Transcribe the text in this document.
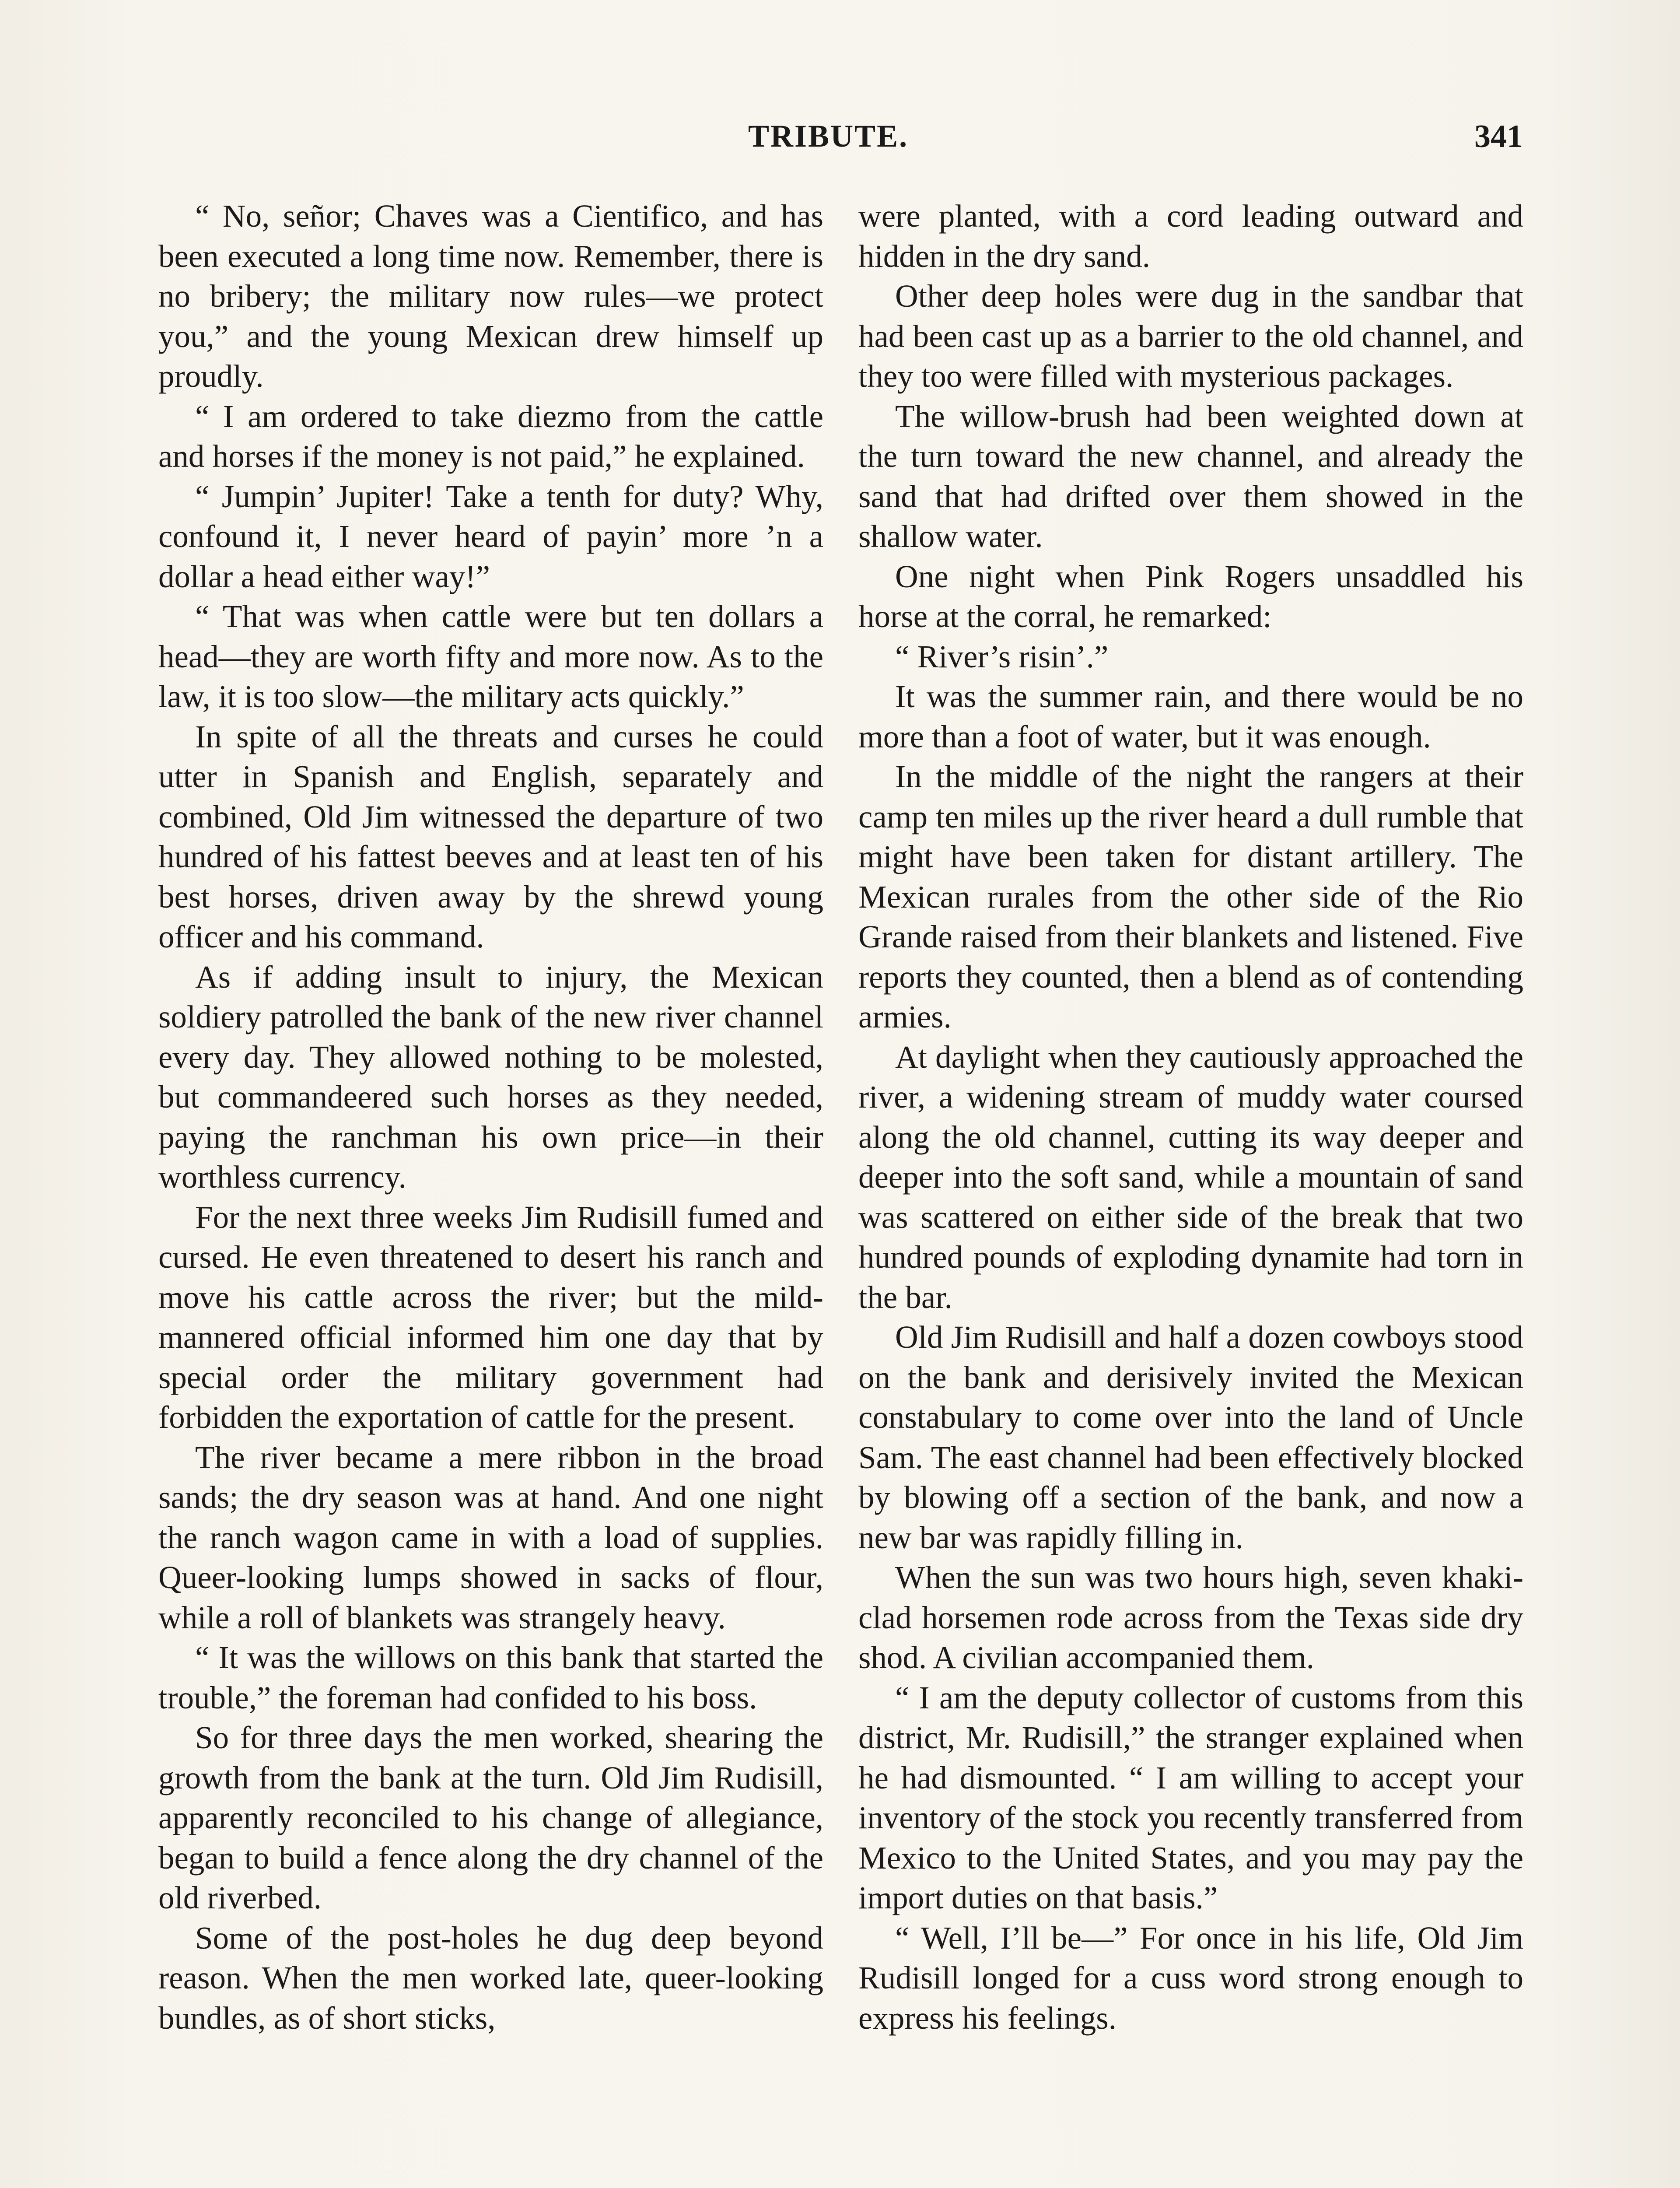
TRIBUTE.	341

“ No, señor; Chaves was a Cientifico, and has been executed a long time now. Remember, there is no bribery; the military now rules—we protect you,” and the young Mexican drew himself up proudly.

“ I am ordered to take diezmo from the cattle and horses if the money is not paid,” he explained.

“ Jumpin’ Jupiter! Take a tenth for duty? Why, confound it, I never heard of payin’ more ’n a dollar a head either way!”

“ That was when cattle were but ten dollars a head—they are worth fifty and more now. As to the law, it is too slow—the military acts quickly.”

In spite of all the threats and curses he could utter in Spanish and English, separately and combined, Old Jim witnessed the departure of two hundred of his fattest beeves and at least ten of his best horses, driven away by the shrewd young officer and his command.

As if adding insult to injury, the Mexican soldiery patrolled the bank of the new river channel every day. They allowed nothing to be molested, but commandeered such horses as they needed, paying the ranchman his own price—in their worthless currency.

For the next three weeks Jim Rudisill fumed and cursed. He even threatened to desert his ranch and move his cattle across the river; but the mild-mannered official informed him one day that by special order the military government had forbidden the exportation of cattle for the present.

The river became a mere ribbon in the broad sands; the dry season was at hand. And one night the ranch wagon came in with a load of supplies. Queer-looking lumps showed in sacks of flour, while a roll of blankets was strangely heavy.

“ It was the willows on this bank that started the trouble,” the foreman had confided to his boss.

So for three days the men worked, shearing the growth from the bank at the turn. Old Jim Rudisill, apparently reconciled to his change of allegiance, began to build a fence along the dry channel of the old riverbed.

Some of the post-holes he dug deep beyond reason. When the men worked late, queer-looking bundles, as of short sticks,

were planted, with a cord leading outward and hidden in the dry sand.

Other deep holes were dug in the sandbar that had been cast up as a barrier to the old channel, and they too were filled with mysterious packages.

The willow-brush had been weighted down at the turn toward the new channel, and already the sand that had drifted over them showed in the shallow water.

One night when Pink Rogers unsaddled his horse at the corral, he remarked:

“ River’s risin’.”

It was the summer rain, and there would be no more than a foot of water, but it was enough.

In the middle of the night the rangers at their camp ten miles up the river heard a dull rumble that might have been taken for distant artillery. The Mexican rurales from the other side of the Rio Grande raised from their blankets and listened. Five reports they counted, then a blend as of contending armies.

At daylight when they cautiously approached the river, a widening stream of muddy water coursed along the old channel, cutting its way deeper and deeper into the soft sand, while a mountain of sand was scattered on either side of the break that two hundred pounds of exploding dynamite had torn in the bar.

Old Jim Rudisill and half a dozen cowboys stood on the bank and derisively invited the Mexican constabulary to come over into the land of Uncle Sam. The east channel had been effectively blocked by blowing off a section of the bank, and now a new bar was rapidly filling in.

When the sun was two hours high, seven khaki-clad horsemen rode across from the Texas side dry shod. A civilian accompanied them.

“ I am the deputy collector of customs from this district, Mr. Rudisill,” the stranger explained when he had dismounted. “ I am willing to accept your inventory of the stock you recently transferred from Mexico to the United States, and you may pay the import duties on that basis.”

“ Well, I’ll be—” For once in his life, Old Jim Rudisill longed for a cuss word strong enough to express his feelings.
